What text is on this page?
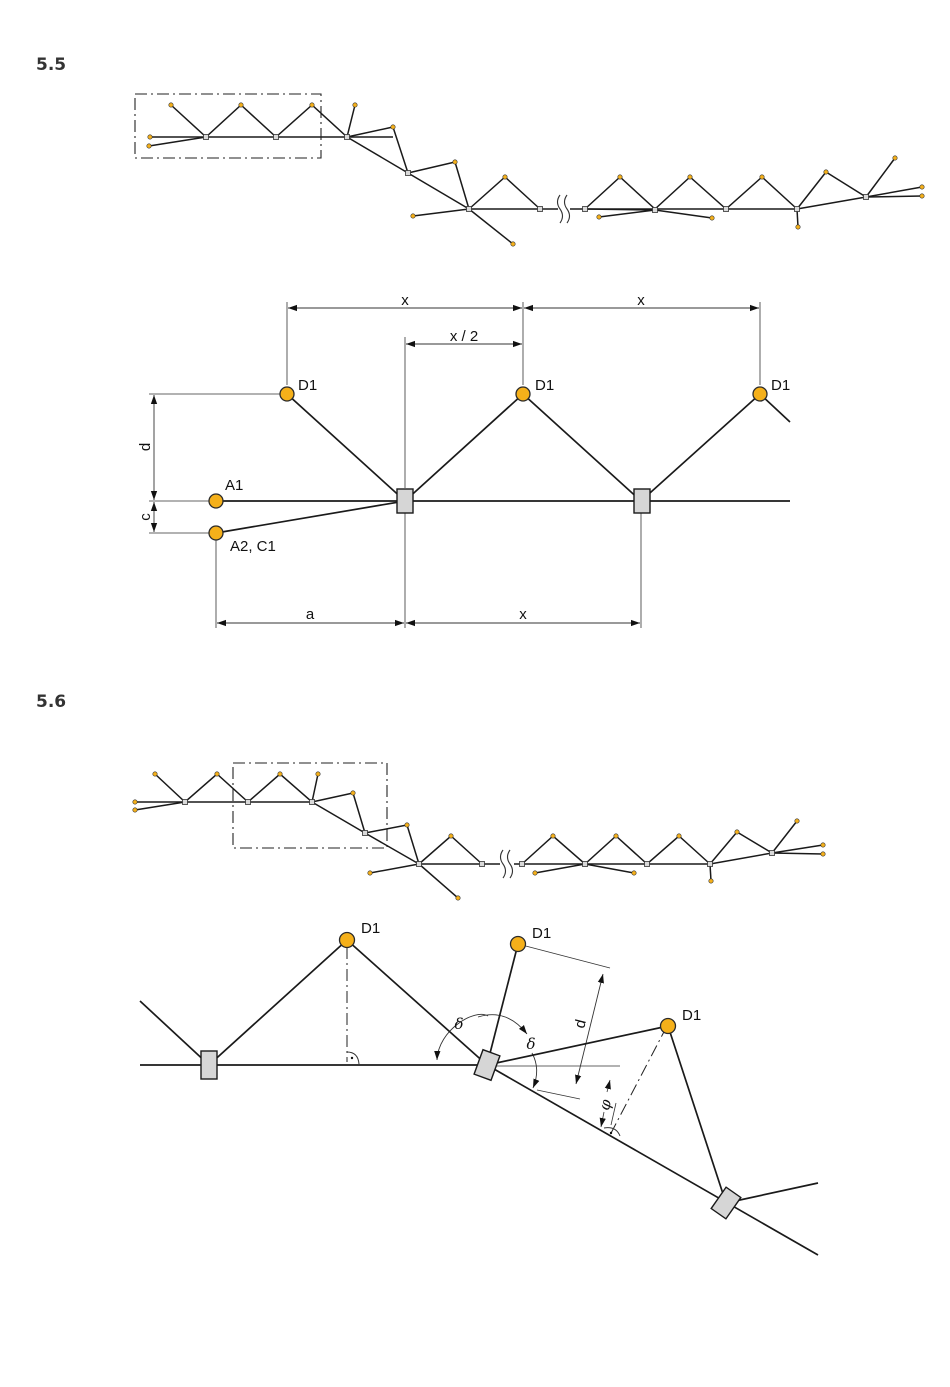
5.5
5.6
x	x
x / 2
D1	D1	D1
A1
A2, C1
d
c
a	x
D1	D1
D1
δ
δ
d
φ
